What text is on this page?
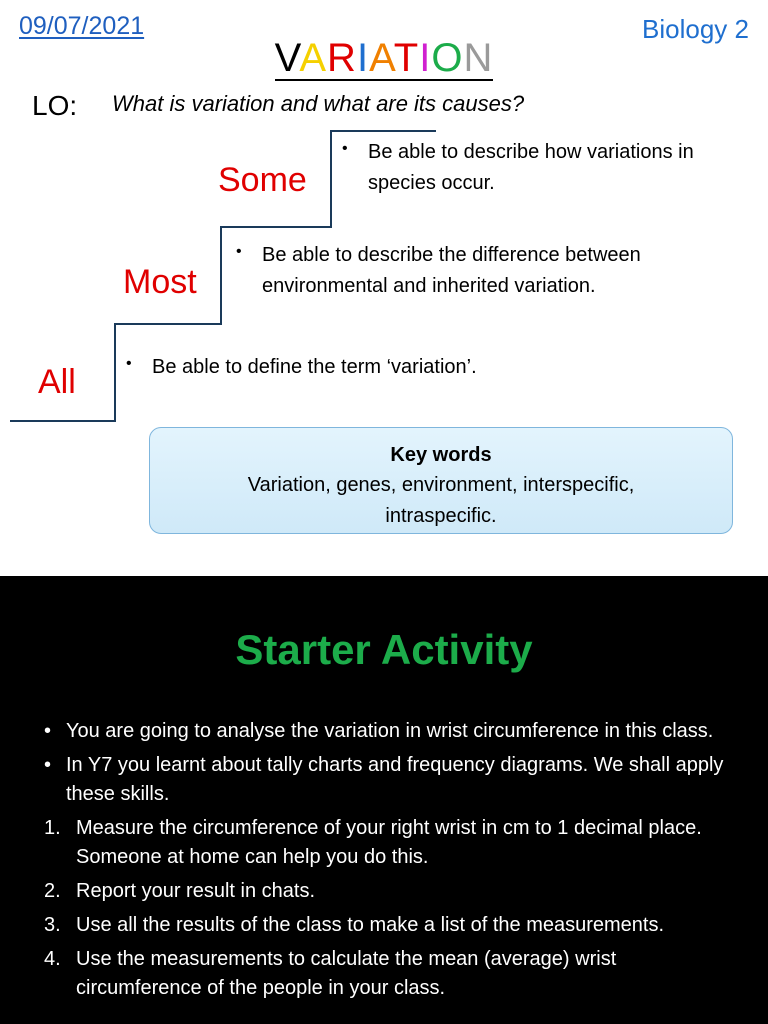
09/07/2021	Biology 2
VARIATION
LO: What is variation and what are its causes?
Some
•	Be able to describe how variations in species occur.
Most
•	Be able to describe the difference between environmental and inherited variation.
All	•	Be able to define the term ‘variation’.
Key words
Variation, genes, environment, interspecific, intraspecific.
Starter Activity
• You are going to analyse the variation in wrist circumference in this class.
• In Y7 you learnt about tally charts and frequency diagrams. We shall apply these skills.
1. Measure the circumference of your right wrist in cm to 1 decimal place. Someone at home can help you do this.
2. Report your result in chats.
3. Use all the results of the class to make a list of the measurements.
4. Use the measurements to calculate the mean (average) wrist circumference of the people in your class.
